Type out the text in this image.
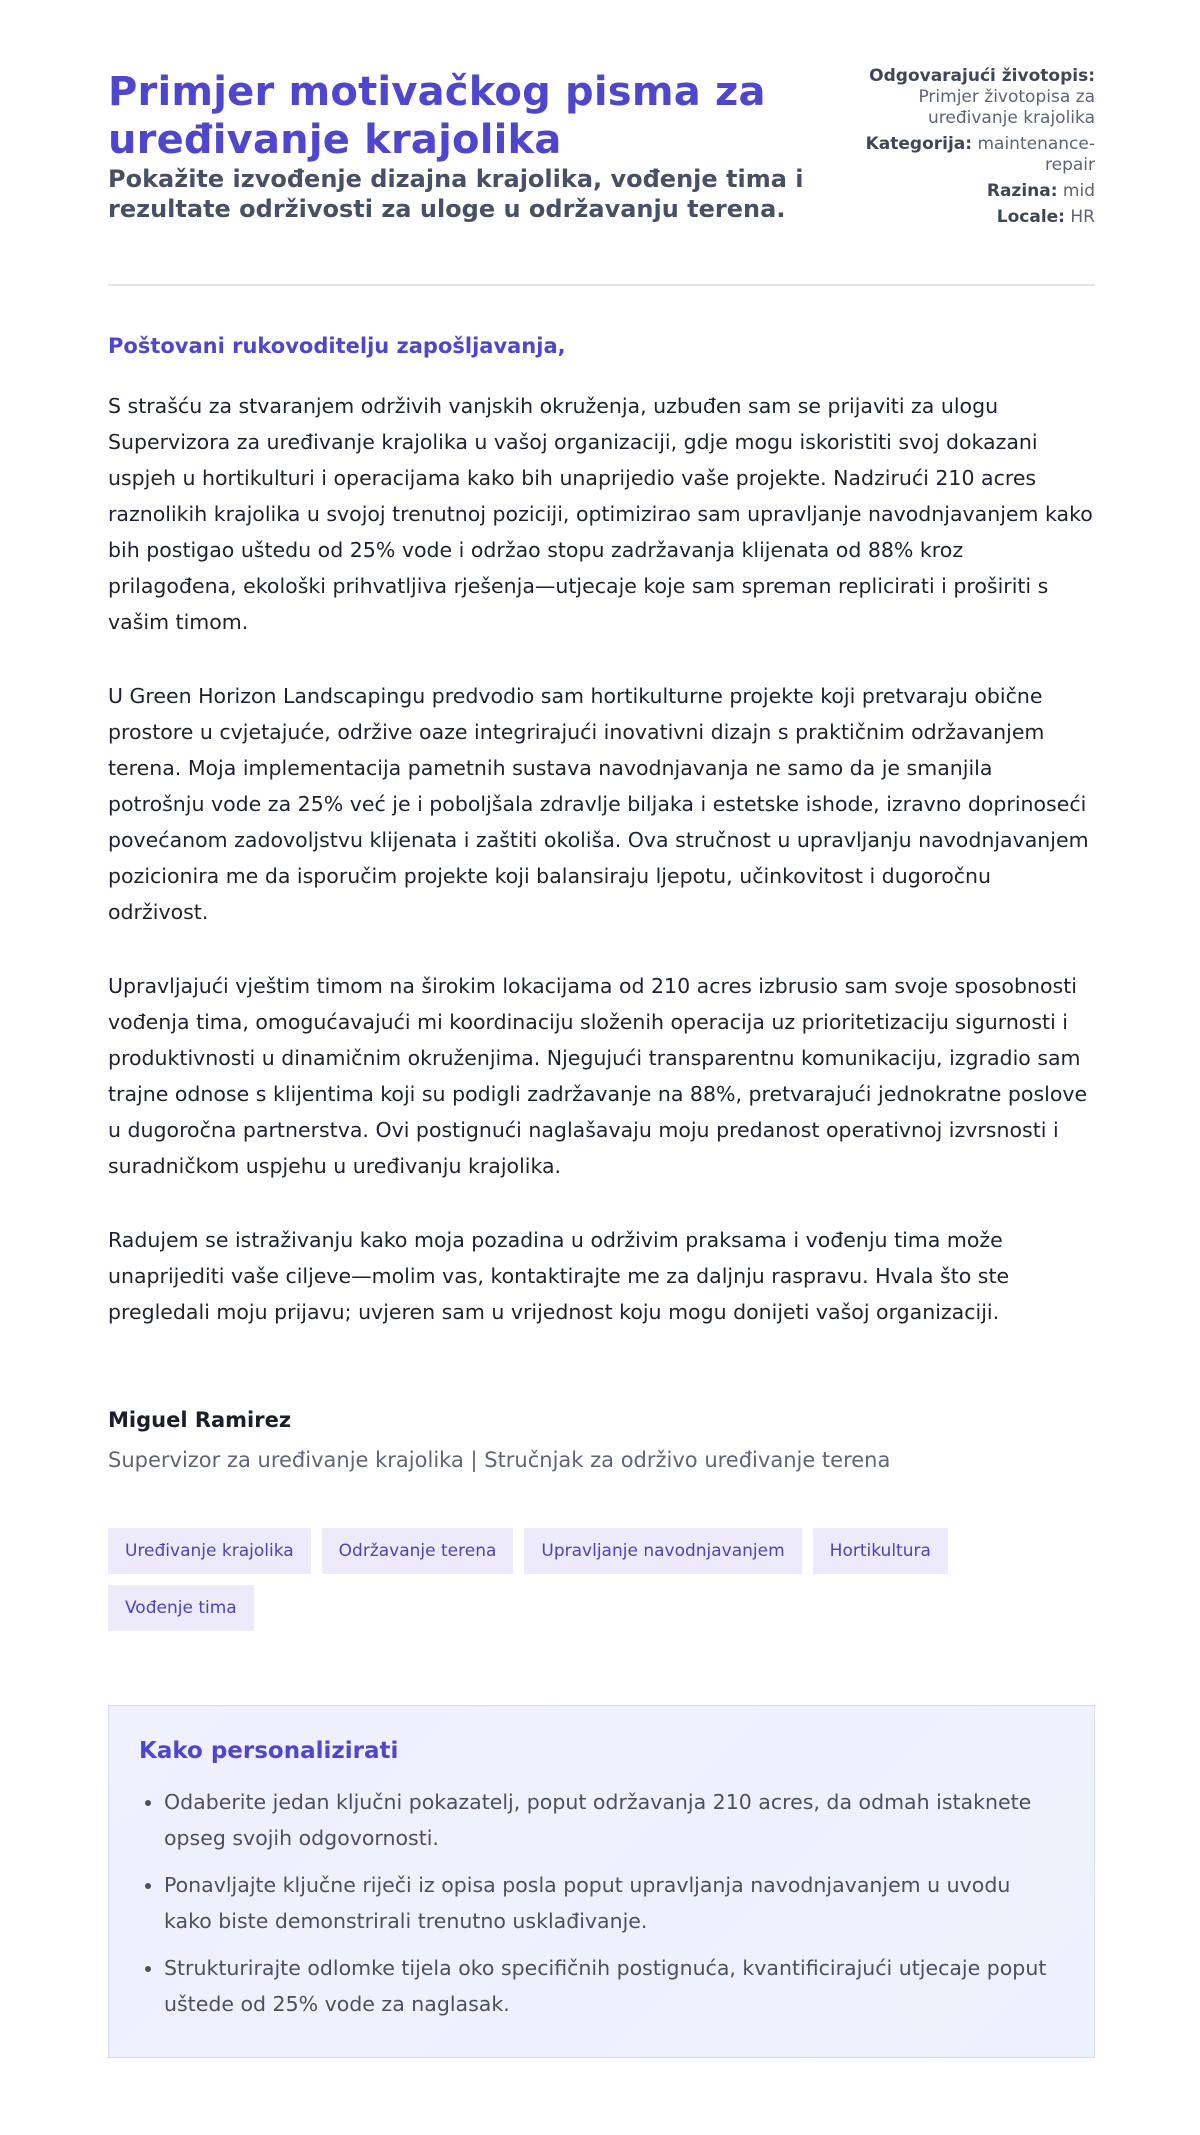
Primjer motivačkog pisma za uređivanje krajolika
Pokažite izvođenje dizajna krajolika, vođenje tima i rezultate održivosti za uloge u održavanju terena.
Odgovarajući životopis:
Primjer životopisa za uređivanje krajolika
Kategorija: maintenance-repair
Razina: mid
Locale: HR
Poštovani rukovoditelju zapošljavanja,

S strašću za stvaranjem održivih vanjskih okruženja, uzbuđen sam se prijaviti za ulogu Supervizora za uređivanje krajolika u vašoj organizaciji, gdje mogu iskoristiti svoj dokazani uspjeh u hortikulturi i operacijama kako bih unaprijedio vaše projekte. Nadzirući 210 acres raznolikih krajolika u svojoj trenutnoj poziciji, optimizirao sam upravljanje navodnjavanjem kako bih postigao uštedu od 25% vode i održao stopu zadržavanja klijenata od 88% kroz prilagođena, ekološki prihvatljiva rješenja—utjecaje koje sam spreman replicirati i proširiti s vašim timom.

U Green Horizon Landscapingu predvodio sam hortikulturne projekte koji pretvaraju obične prostore u cvjetajuće, održive oaze integrirajući inovativni dizajn s praktičnim održavanjem terena. Moja implementacija pametnih sustava navodnjavanja ne samo da je smanjila potrošnju vode za 25% već je i poboljšala zdravlje biljaka i estetske ishode, izravno doprinoseći povećanom zadovoljstvu klijenata i zaštiti okoliša. Ova stručnost u upravljanju navodnjavanjem pozicionira me da isporučim projekte koji balansiraju ljepotu, učinkovitost i dugoročnu održivost.

Upravljajući vještim timom na širokim lokacijama od 210 acres izbrusio sam svoje sposobnosti vođenja tima, omogućavajući mi koordinaciju složenih operacija uz prioritetizaciju sigurnosti i produktivnosti u dinamičnim okruženjima. Njegujući transparentnu komunikaciju, izgradio sam trajne odnose s klijentima koji su podigli zadržavanje na 88%, pretvarajući jednokratne poslove u dugoročna partnerstva. Ovi postignući naglašavaju moju predanost operativnoj izvrsnosti i suradničkom uspjehu u uređivanju krajolika.

Radujem se istraživanju kako moja pozadina u održivim praksama i vođenju tima može unaprijediti vaše ciljeve—molim vas, kontaktirajte me za daljnju raspravu. Hvala što ste pregledali moju prijavu; uvjeren sam u vrijednost koju mogu donijeti vašoj organizaciji.

Miguel Ramirez
Supervizor za uređivanje krajolika | Stručnjak za održivo uređivanje terena
Uređivanje krajolika	Održavanje terena	Upravljanje navodnjavanjem	Hortikultura
Vođenje tima
Kako personalizirati
• Odaberite jedan ključni pokazatelj, poput održavanja 210 acres, da odmah istaknete opseg svojih odgovornosti.
• Ponavljajte ključne riječi iz opisa posla poput upravljanja navodnjavanjem u uvodu kako biste demonstrirali trenutno usklađivanje.
• Strukturirajte odlomke tijela oko specifičnih postignuća, kvantificirajući utjecaje poput uštede od 25% vode za naglasak.
